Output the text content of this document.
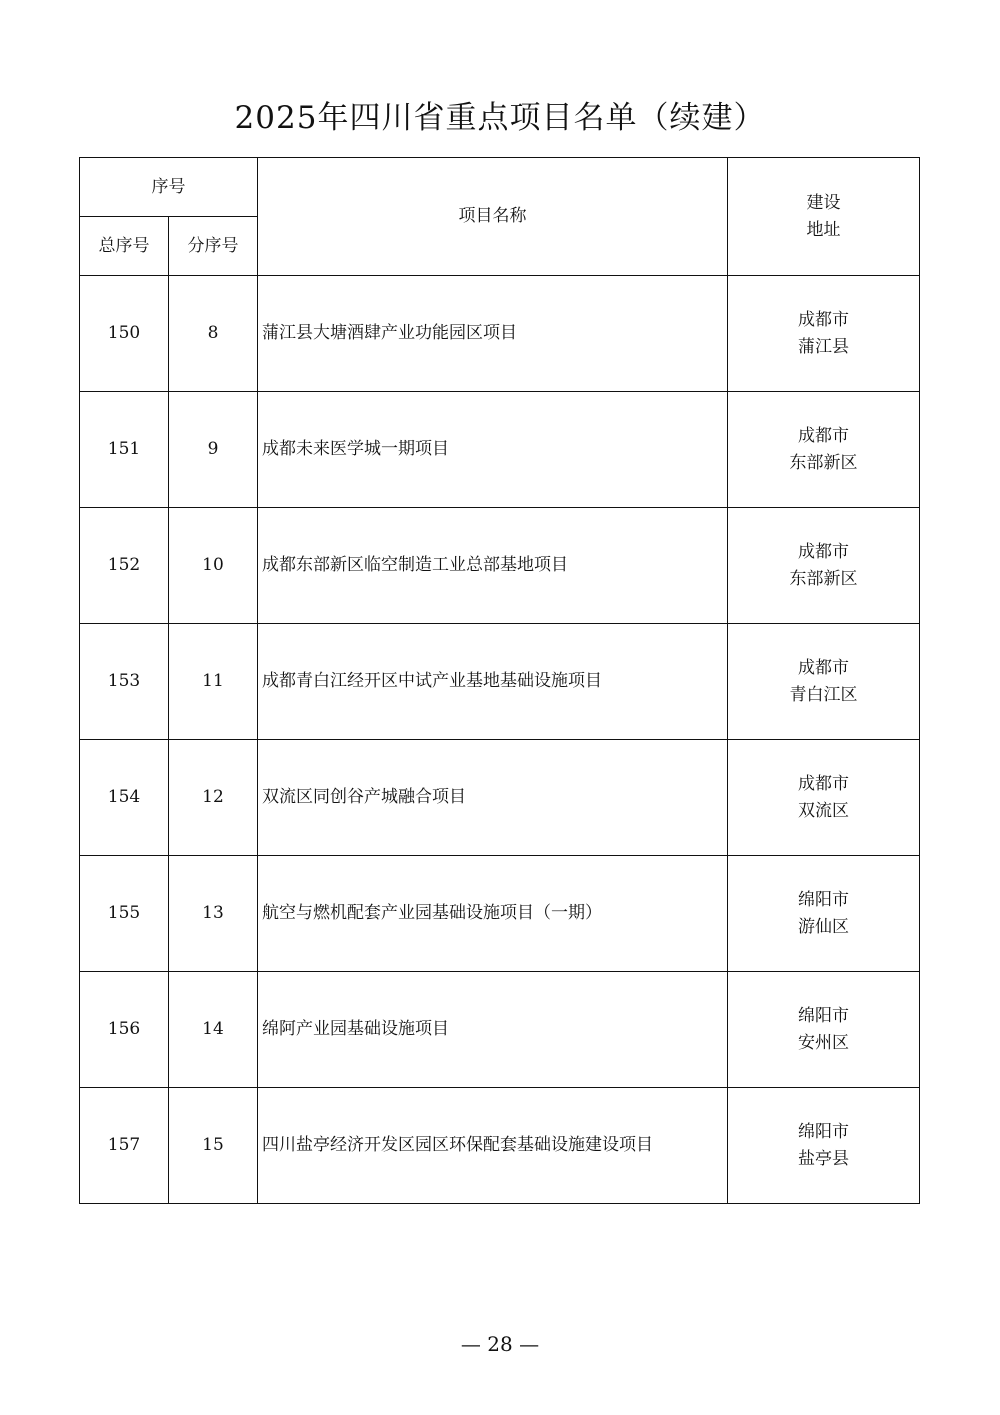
2025年四川省重点项目名单（续建）
序号		项目名称	建设
地址

总序号	分序号		
150	8	蒲江县大塘酒肆产业功能园区项目	成都市
蒲江县

151	9	成都未来医学城一期项目	成都市
东部新区

152	10	成都东部新区临空制造工业总部基地项目	成都市
东部新区

153	11	成都青白江经开区中试产业基地基础设施项目	成都市
青白江区

154	12	双流区同创谷产城融合项目	成都市
双流区

155	13	航空与燃机配套产业园基础设施项目（一期）	绵阳市
游仙区

156	14	绵阿产业园基础设施项目	绵阳市
安州区

157	15	四川盐亭经济开发区园区环保配套基础设施建设项目	绵阳市
盐亭县
— 28 —
